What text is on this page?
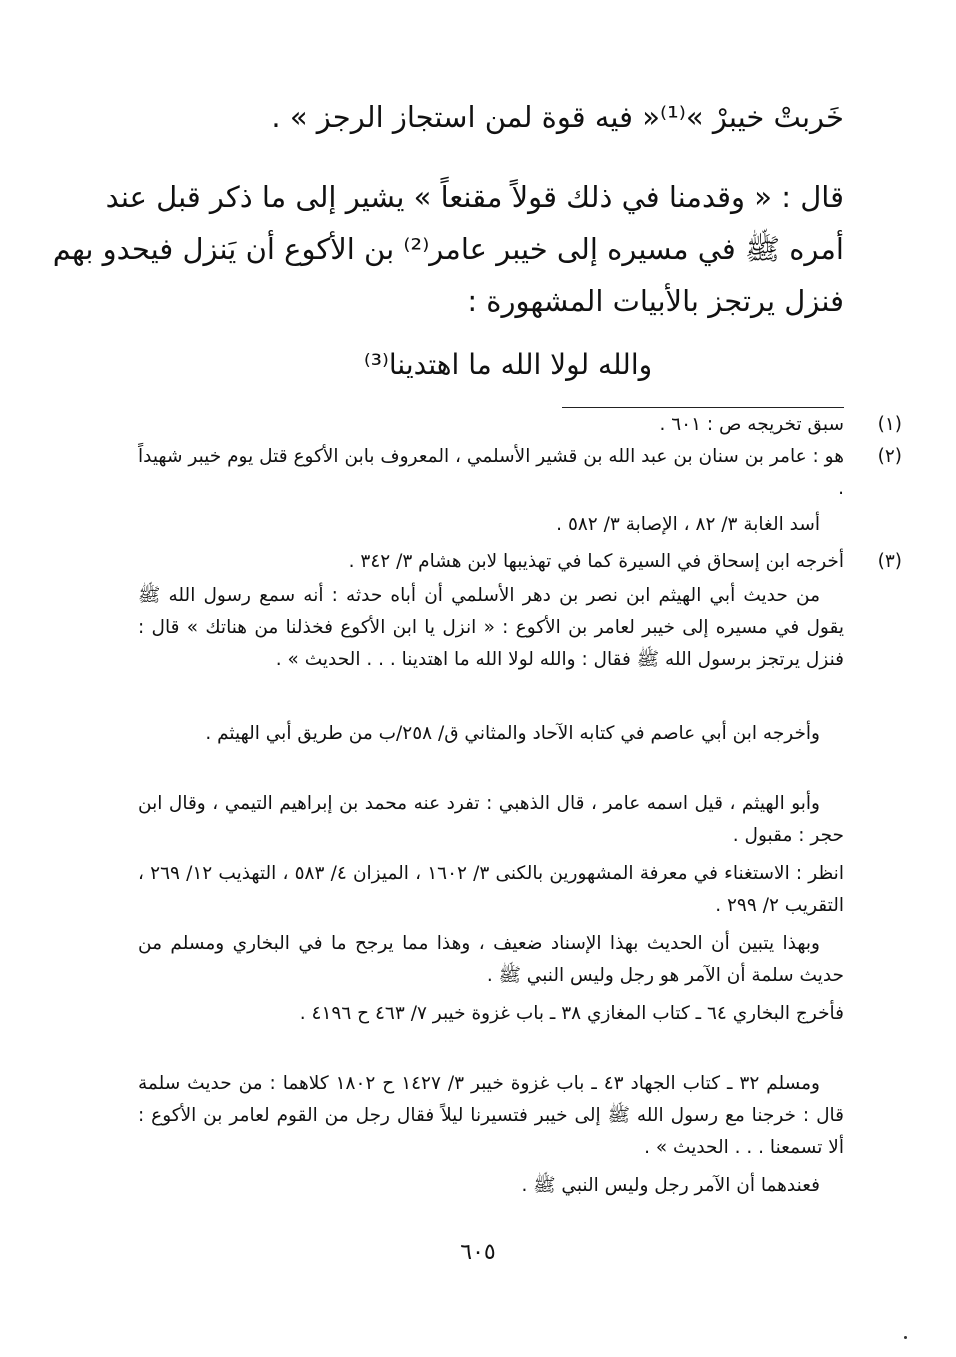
خَربتْ خيبرْ »⁽¹⁾« فيه قوة لمن استجاز الرجز » .
قال : « وقدمنا في ذلك قولاً مقنعاً » يشير إلى ما ذكر قبل عند
أمره ﷺ في مسيره إلى خيبر عامر⁽²⁾ بن الأكوع أن يَنزل فيحدو بهم
فنزل يرتجز بالأبيات المشهورة :
والله لولا الله ما اهتدينا⁽³⁾
(١)
سبق تخريجه ص : ٦٠١ .
(٢)
هو : عامر بن سنان بن عبد الله بن قشير الأسلمي ، المعروف بابن الأكوع قتل يوم خيبر شهيداً .
أسد الغابة ٣/ ٨٢ ، الإصابة ٣/ ٥٨٢ .
(٣)
أخرجه ابن إسحاق في السيرة كما في تهذيبها لابن هشام ٣/ ٣٤٢ .
من حديث أبي الهيثم ابن نصر بن دهر الأسلمي أن أباه حدثه : أنه سمع رسول الله ﷺ يقول في مسيره إلى خيبر لعامر بن الأكوع : « انزل يا ابن الأكوع فخذلنا من هناتك » قال : فنزل يرتجز برسول الله ﷺ فقال : والله لولا الله ما اهتدينا . . . الحديث » .
وأخرجه ابن أبي عاصم في كتابه الآحاد والمثاني ق/ ٢٥٨/ب من طريق أبي الهيثم .
وأبو الهيثم ، قيل اسمه عامر ، قال الذهبي : تفرد عنه محمد بن إبراهيم التيمي ، وقال ابن حجر : مقبول .
انظر : الاستغناء في معرفة المشهورين بالكنى ٣/ ١٦٠٢ ، الميزان ٤/ ٥٨٣ ، التهذيب ١٢/ ٢٦٩ ، التقريب ٢/ ٢٩٩ .
وبهذا يتبين أن الحديث بهذا الإسناد ضعيف ، وهذا مما يرجح ما في البخاري ومسلم من حديث سلمة أن الآمر هو رجل وليس النبي ﷺ .
فأخرج البخاري ٦٤ ـ كتاب المغازي ٣٨ ـ باب غزوة خيبر ٧/ ٤٦٣ ح ٤١٩٦ .
ومسلم ٣٢ ـ كتاب الجهاد ٤٣ ـ باب غزوة خيبر ٣/ ١٤٢٧ ح ١٨٠٢ كلاهما : من حديث سلمة قال : خرجنا مع رسول الله ﷺ إلى خيبر فتسيرنا ليلاً فقال رجل من القوم لعامر بن الأكوع : ألا تسمعنا . . . الحديث » .
فعندهما أن الآمر رجل وليس النبي ﷺ .
٦٠٥
